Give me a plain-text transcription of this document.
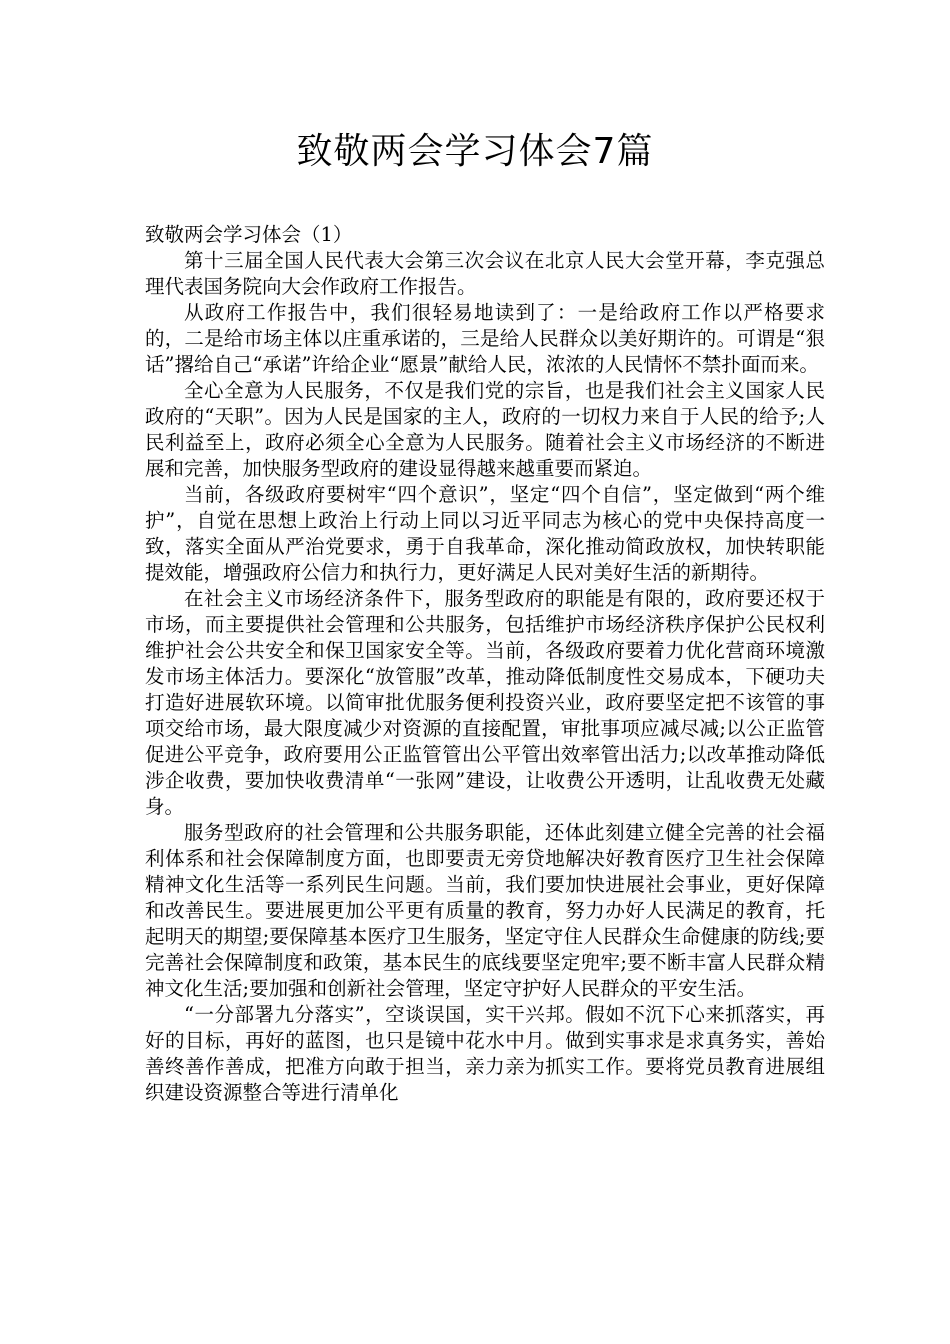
致敬两会学习体会7篇

致敬两会学习体会（1）

第十三届全国人民代表大会第三次会议在北京人民大会堂开幕，李克强总理代表国务院向大会作政府工作报告。

从政府工作报告中，我们很轻易地读到了：一是给政府工作以严格要求的，二是给市场主体以庄重承诺的，三是给人民群众以美好期许的。可谓是“狠话”撂给自己“承诺”许给企业“愿景”献给人民，浓浓的人民情怀不禁扑面而来。

全心全意为人民服务，不仅是我们党的宗旨，也是我们社会主义国家人民政府的“天职”。因为人民是国家的主人，政府的一切权力来自于人民的给予;人民利益至上，政府必须全心全意为人民服务。随着社会主义市场经济的不断进展和完善，加快服务型政府的建设显得越来越重要而紧迫。

当前，各级政府要树牢“四个意识”，坚定“四个自信”，坚定做到“两个维护”，自觉在思想上政治上行动上同以习近平同志为核心的党中央保持高度一致，落实全面从严治党要求，勇于自我革命，深化推动简政放权，加快转职能提效能，增强政府公信力和执行力，更好满足人民对美好生活的新期待。

在社会主义市场经济条件下，服务型政府的职能是有限的，政府要还权于市场，而主要提供社会管理和公共服务，包括维护市场经济秩序保护公民权利维护社会公共安全和保卫国家安全等。当前，各级政府要着力优化营商环境激发市场主体活力。要深化“放管服”改革，推动降低制度性交易成本，下硬功夫打造好进展软环境。以简审批优服务便利投资兴业，政府要坚定把不该管的事项交给市场，最大限度减少对资源的直接配置，审批事项应减尽减;以公正监管促进公平竞争，政府要用公正监管管出公平管出效率管出活力;以改革推动降低涉企收费，要加快收费清单“一张网”建设，让收费公开透明，让乱收费无处藏身。

服务型政府的社会管理和公共服务职能，还体此刻建立健全完善的社会福利体系和社会保障制度方面，也即要责无旁贷地解决好教育医疗卫生社会保障精神文化生活等一系列民生问题。当前，我们要加快进展社会事业，更好保障和改善民生。要进展更加公平更有质量的教育，努力办好人民满足的教育，托起明天的期望;要保障基本医疗卫生服务，坚定守住人民群众生命健康的防线;要完善社会保障制度和政策，基本民生的底线要坚定兜牢;要不断丰富人民群众精神文化生活;要加强和创新社会管理，坚定守护好人民群众的平安生活。

“一分部署九分落实”，空谈误国，实干兴邦。假如不沉下心来抓落实，再好的目标，再好的蓝图，也只是镜中花水中月。做到实事求是求真务实，善始善终善作善成，把准方向敢于担当，亲力亲为抓实工作。要将党员教育进展组织建设资源整合等进行清单化
